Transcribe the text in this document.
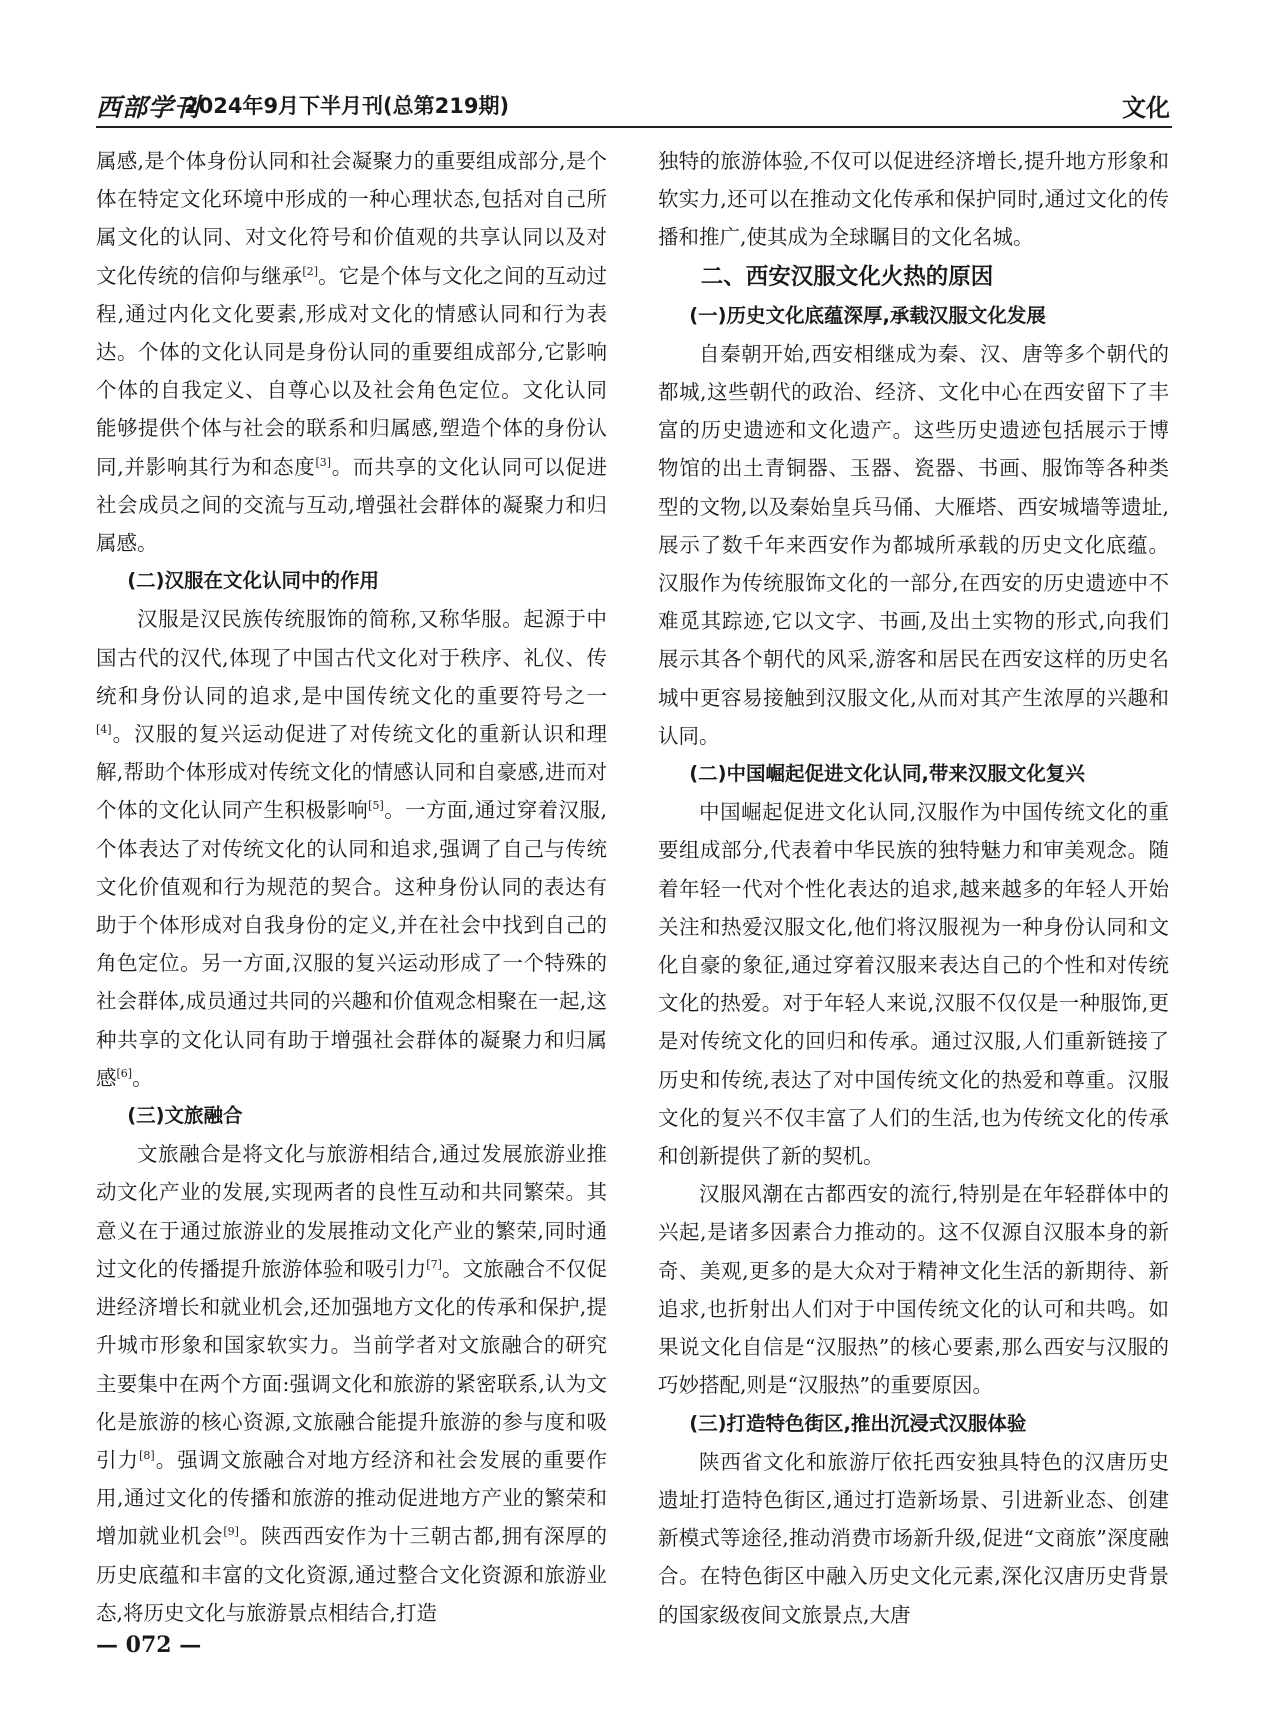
西部学刊
2024年9月下半月刊(总第219期)	文化

属感,是个体身份认同和社会凝聚力的重要组成部分,是个体在特定文化环境中形成的一种心理状态,包括对自己所属文化的认同、对文化符号和价值观的共享认同以及对文化传统的信仰与继承[2]。它是个体与文化之间的互动过程,通过内化文化要素,形成对文化的情感认同和行为表达。个体的文化认同是身份认同的重要组成部分,它影响个体的自我定义、自尊心以及社会角色定位。文化认同能够提供个体与社会的联系和归属感,塑造个体的身份认同,并影响其行为和态度[3]。而共享的文化认同可以促进社会成员之间的交流与互动,增强社会群体的凝聚力和归属感。

(二)汉服在文化认同中的作用

汉服是汉民族传统服饰的简称,又称华服。起源于中国古代的汉代,体现了中国古代文化对于秩序、礼仪、传统和身份认同的追求,是中国传统文化的重要符号之一[4]。汉服的复兴运动促进了对传统文化的重新认识和理解,帮助个体形成对传统文化的情感认同和自豪感,进而对个体的文化认同产生积极影响[5]。一方面,通过穿着汉服,个体表达了对传统文化的认同和追求,强调了自己与传统文化价值观和行为规范的契合。这种身份认同的表达有助于个体形成对自我身份的定义,并在社会中找到自己的角色定位。另一方面,汉服的复兴运动形成了一个特殊的社会群体,成员通过共同的兴趣和价值观念相聚在一起,这种共享的文化认同有助于增强社会群体的凝聚力和归属感[6]。

(三)文旅融合

文旅融合是将文化与旅游相结合,通过发展旅游业推动文化产业的发展,实现两者的良性互动和共同繁荣。其意义在于通过旅游业的发展推动文化产业的繁荣,同时通过文化的传播提升旅游体验和吸引力[7]。文旅融合不仅促进经济增长和就业机会,还加强地方文化的传承和保护,提升城市形象和国家软实力。当前学者对文旅融合的研究主要集中在两个方面:强调文化和旅游的紧密联系,认为文化是旅游的核心资源,文旅融合能提升旅游的参与度和吸引力[8]。强调文旅融合对地方经济和社会发展的重要作用,通过文化的传播和旅游的推动促进地方产业的繁荣和增加就业机会[9]。陕西西安作为十三朝古都,拥有深厚的历史底蕴和丰富的文化资源,通过整合文化资源和旅游业态,将历史文化与旅游景点相结合,打造

独特的旅游体验,不仅可以促进经济增长,提升地方形象和软实力,还可以在推动文化传承和保护同时,通过文化的传播和推广,使其成为全球瞩目的文化名城。

二、西安汉服文化火热的原因
(一)历史文化底蕴深厚,承载汉服文化发展

自秦朝开始,西安相继成为秦、汉、唐等多个朝代的都城,这些朝代的政治、经济、文化中心在西安留下了丰富的历史遗迹和文化遗产。这些历史遗迹包括展示于博物馆的出土青铜器、玉器、瓷器、书画、服饰等各种类型的文物,以及秦始皇兵马俑、大雁塔、西安城墙等遗址,展示了数千年来西安作为都城所承载的历史文化底蕴。汉服作为传统服饰文化的一部分,在西安的历史遗迹中不难觅其踪迹,它以文字、书画,及出土实物的形式,向我们展示其各个朝代的风采,游客和居民在西安这样的历史名城中更容易接触到汉服文化,从而对其产生浓厚的兴趣和认同。

(二)中国崛起促进文化认同,带来汉服文化复兴

中国崛起促进文化认同,汉服作为中国传统文化的重要组成部分,代表着中华民族的独特魅力和审美观念。随着年轻一代对个性化表达的追求,越来越多的年轻人开始关注和热爱汉服文化,他们将汉服视为一种身份认同和文化自豪的象征,通过穿着汉服来表达自己的个性和对传统文化的热爱。对于年轻人来说,汉服不仅仅是一种服饰,更是对传统文化的回归和传承。通过汉服,人们重新链接了历史和传统,表达了对中国传统文化的热爱和尊重。汉服文化的复兴不仅丰富了人们的生活,也为传统文化的传承和创新提供了新的契机。

汉服风潮在古都西安的流行,特别是在年轻群体中的兴起,是诸多因素合力推动的。这不仅源自汉服本身的新奇、美观,更多的是大众对于精神文化生活的新期待、新追求,也折射出人们对于中国传统文化的认可和共鸣。如果说文化自信是“汉服热”的核心要素,那么西安与汉服的巧妙搭配,则是“汉服热”的重要原因。

(三)打造特色街区,推出沉浸式汉服体验

陕西省文化和旅游厅依托西安独具特色的汉唐历史遗址打造特色街区,通过打造新场景、引进新业态、创建新模式等途径,推动消费市场新升级,促进“文商旅”深度融合。在特色街区中融入历史文化元素,深化汉唐历史背景的国家级夜间文旅景点,大唐

— 072 —
